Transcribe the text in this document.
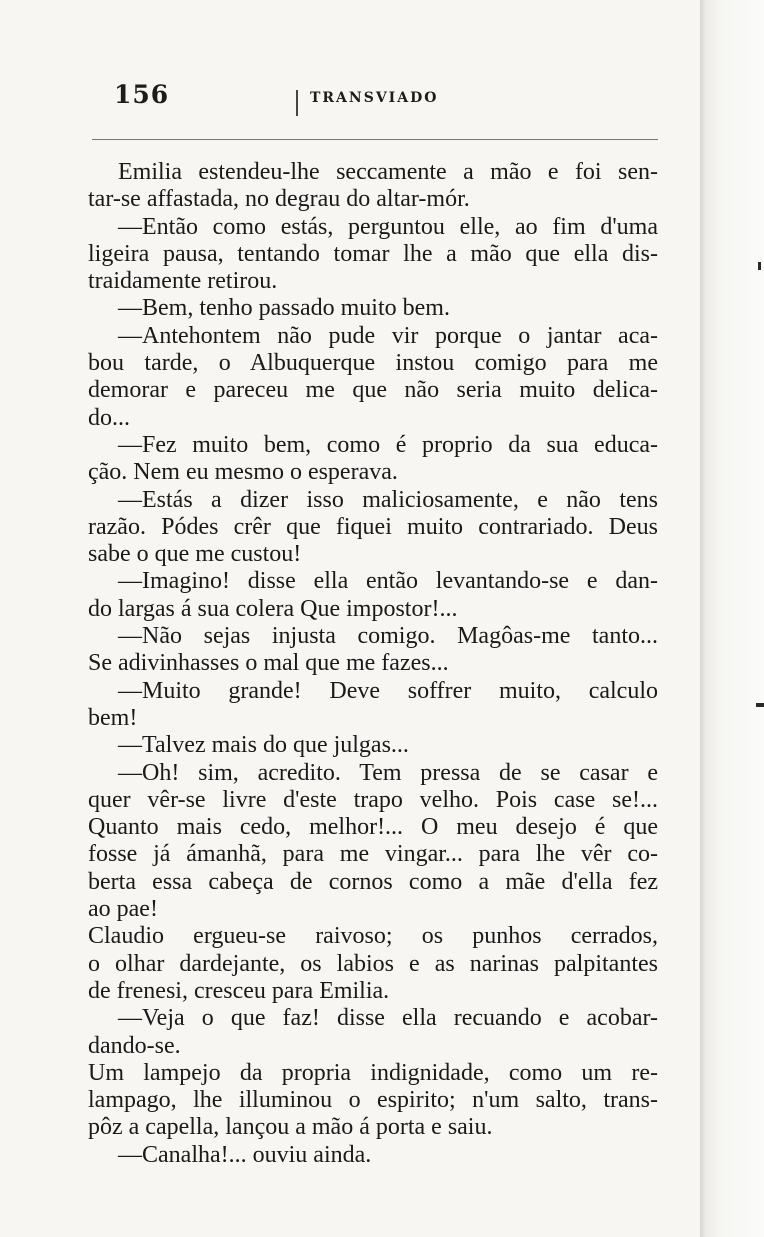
156	TRANSVIADO
Emilia estendeu-lhe seccamente a mão e foi sen-
tar-se affastada, no degrau do altar-mór.
—Então como estás, perguntou elle, ao fim d'uma
ligeira pausa, tentando tomar lhe a mão que ella dis-
traidamente retirou.
—Bem, tenho passado muito bem.
—Antehontem não pude vir porque o jantar aca-
bou tarde, o Albuquerque instou comigo para me
demorar e pareceu me que não seria muito delica-
do...
—Fez muito bem, como é proprio da sua educa-
ção. Nem eu mesmo o esperava.
—Estás a dizer isso maliciosamente, e não tens
razão. Pódes crêr que fiquei muito contrariado. Deus
sabe o que me custou!
—Imagino! disse ella então levantando-se e dan-
do largas á sua colera Que impostor!...
—Não sejas injusta comigo. Magôas-me tanto...
Se adivinhasses o mal que me fazes...
—Muito grande! Deve soffrer muito, calculo
bem!
—Talvez mais do que julgas...
—Oh! sim, acredito. Tem pressa de se casar e
quer vêr-se livre d'este trapo velho. Pois case se!...
Quanto mais cedo, melhor!... O meu desejo é que
fosse já ámanhã, para me vingar... para lhe vêr co-
berta essa cabeça de cornos como a mãe d'ella fez
ao pae!
Claudio ergueu-se raivoso; os punhos cerrados,
o olhar dardejante, os labios e as narinas palpitantes
de frenesi, cresceu para Emilia.
—Veja o que faz! disse ella recuando e acobar-
dando-se.
Um lampejo da propria indignidade, como um re-
lampago, lhe illuminou o espirito; n'um salto, trans-
pôz a capella, lançou a mão á porta e saiu.
—Canalha!... ouviu ainda.
